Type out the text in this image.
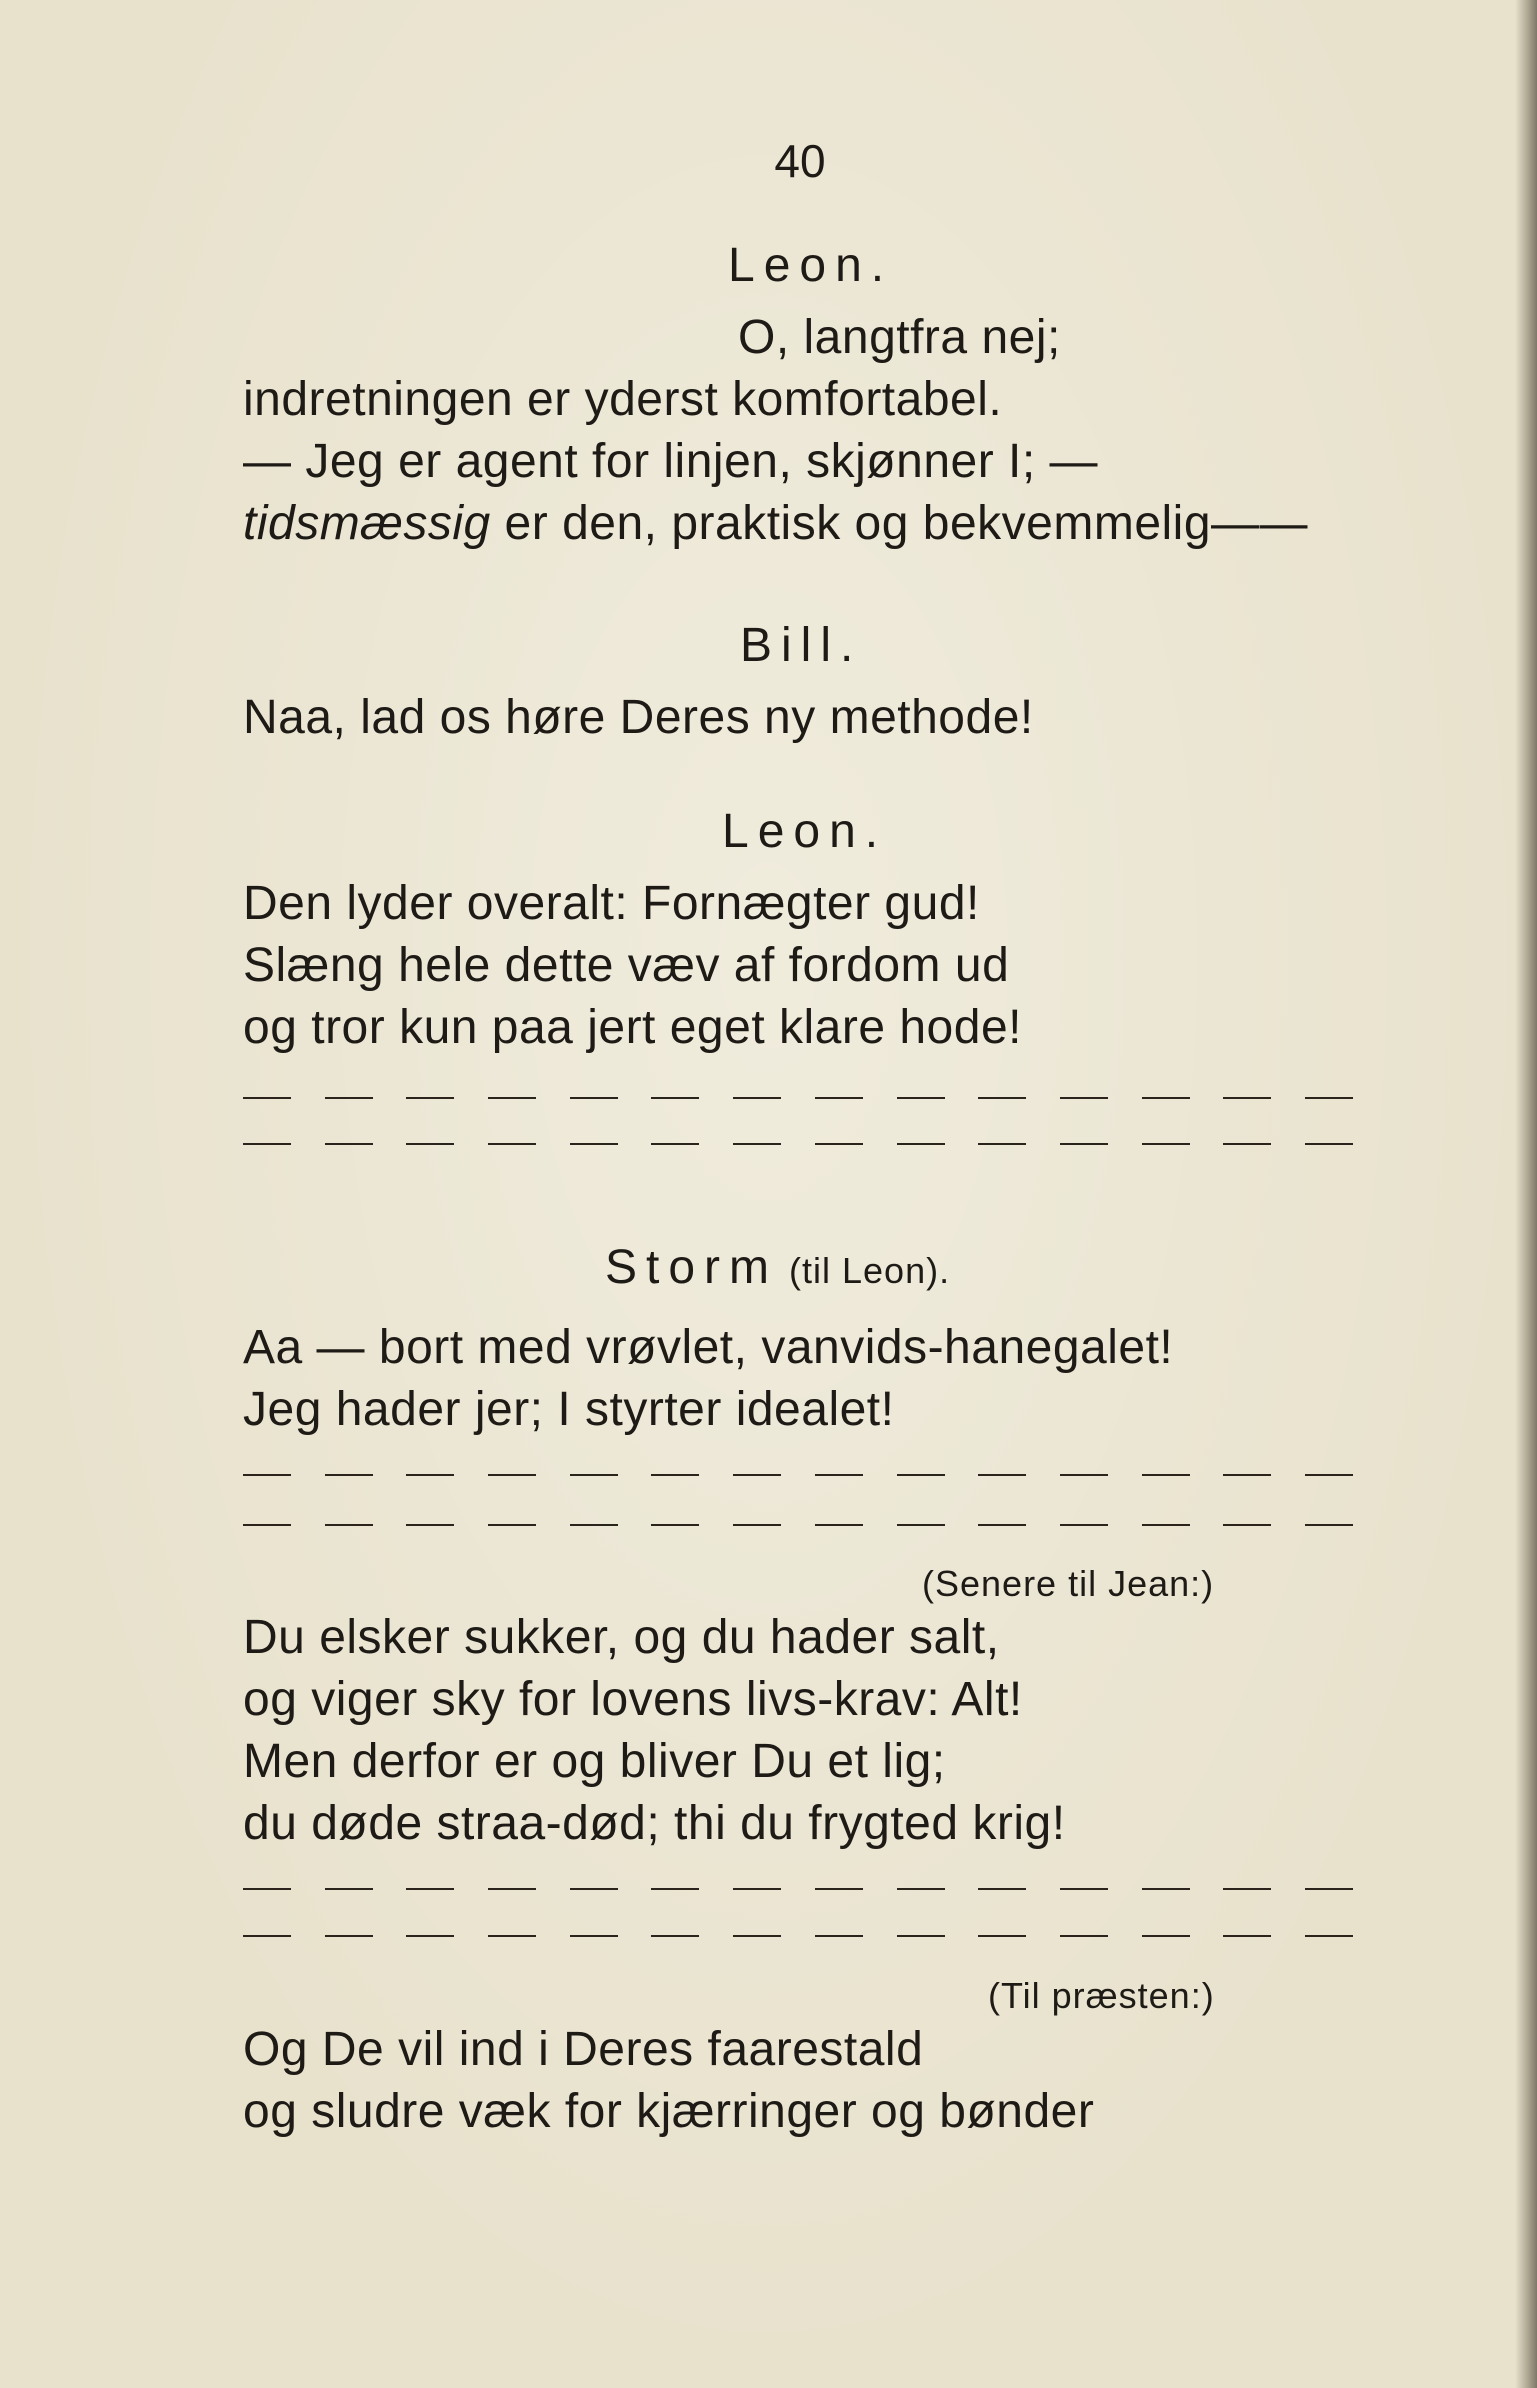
40
Leon.
O, langtfra nej;
indretningen er yderst komfortabel.
— Jeg er agent for linjen, skjønner I; —
tidsmæssig er den, praktisk og bekvemmelig——
Bill.
Naa, lad os høre Deres ny methode!
Leon.
Den lyder overalt: Fornægter gud!
Slæng hele dette væv af fordom ud
og tror kun paa jert eget klare hode!
Storm (til Leon).
Aa — bort med vrøvlet, vanvids-hanegalet!
Jeg hader jer; I styrter idealet!
(Senere til Jean:)
Du elsker sukker, og du hader salt,
og viger sky for lovens livs-krav: Alt!
Men derfor er og bliver Du et lig;
du døde straa-død; thi du frygted krig!
(Til præsten:)
Og De vil ind i Deres faarestald
og sludre væk for kjærringer og bønder
